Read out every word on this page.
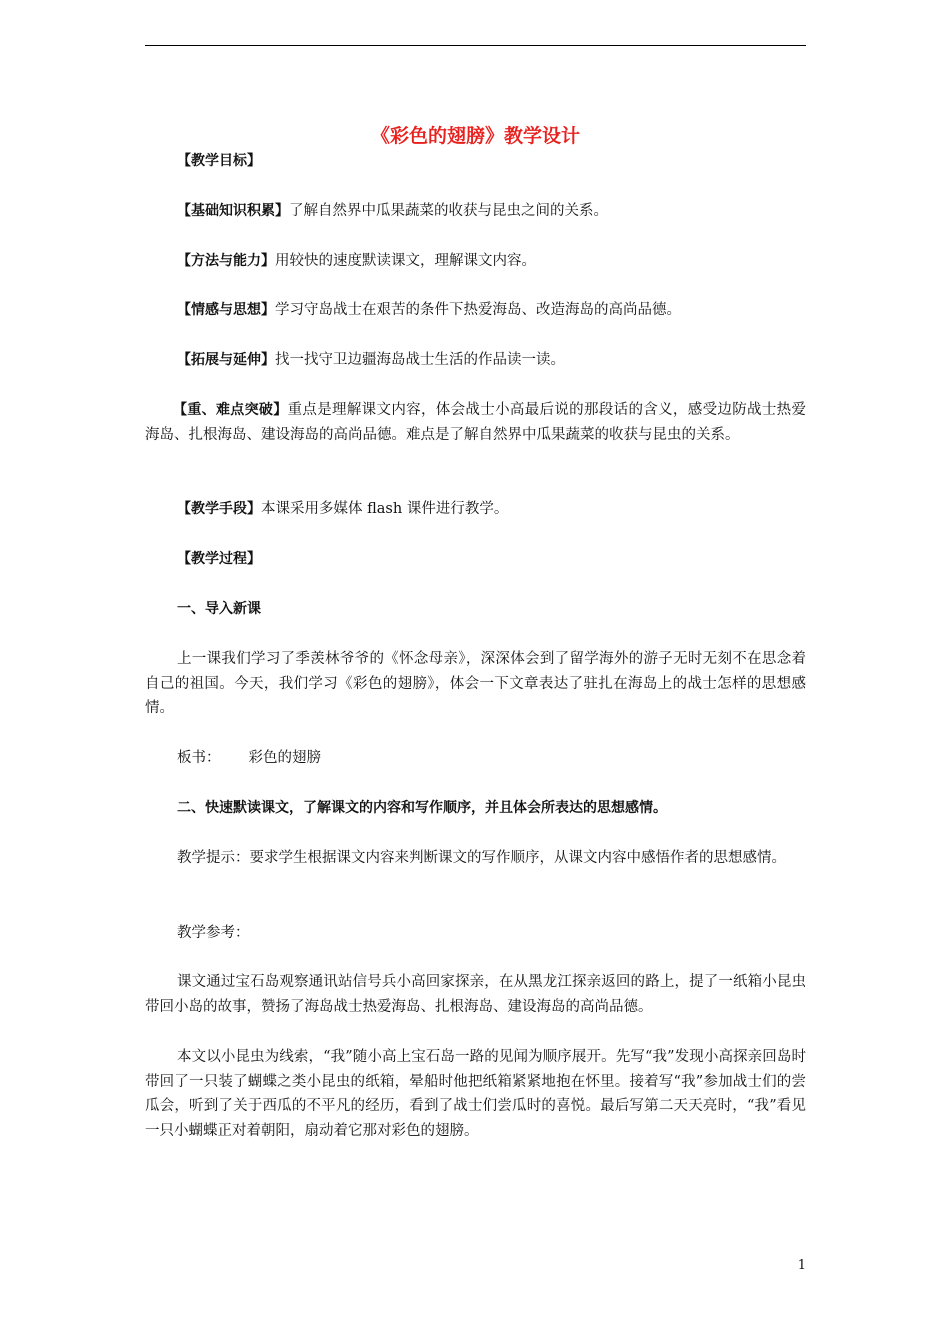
《彩色的翅膀》教学设计
【教学目标】
【基础知识积累】了解自然界中瓜果蔬菜的收获与昆虫之间的关系。
【方法与能力】用较快的速度默读课文，理解课文内容。
【情感与思想】学习守岛战士在艰苦的条件下热爱海岛、改造海岛的高尚品德。
【拓展与延伸】找一找守卫边疆海岛战士生活的作品读一读。
【重、难点突破】重点是理解课文内容，体会战士小高最后说的那段话的含义，感受边防战士热爱海岛、扎根海岛、建设海岛的高尚品德。难点是了解自然界中瓜果蔬菜的收获与昆虫的关系。
【教学手段】本课采用多媒体 flash 课件进行教学。
【教学过程】
一、导入新课
上一课我们学习了季羡林爷爷的《怀念母亲》，深深体会到了留学海外的游子无时无刻不在思念着自己的祖国。今天，我们学习《彩色的翅膀》，体会一下文章表达了驻扎在海岛上的战士怎样的思想感情。
板书： 彩色的翅膀
二、快速默读课文，了解课文的内容和写作顺序，并且体会所表达的思想感情。
教学提示：要求学生根据课文内容来判断课文的写作顺序，从课文内容中感悟作者的思想感情。
教学参考：
课文通过宝石岛观察通讯站信号兵小高回家探亲，在从黑龙江探亲返回的路上，提了一纸箱小昆虫带回小岛的故事，赞扬了海岛战士热爱海岛、扎根海岛、建设海岛的高尚品德。
本文以小昆虫为线索，“我”随小高上宝石岛一路的见闻为顺序展开。先写“我”发现小高探亲回岛时带回了一只装了蝴蝶之类小昆虫的纸箱，晕船时他把纸箱紧紧地抱在怀里。接着写“我”参加战士们的尝瓜会，听到了关于西瓜的不平凡的经历，看到了战士们尝瓜时的喜悦。最后写第二天天亮时，“我”看见一只小蝴蝶正对着朝阳，扇动着它那对彩色的翅膀。
1
